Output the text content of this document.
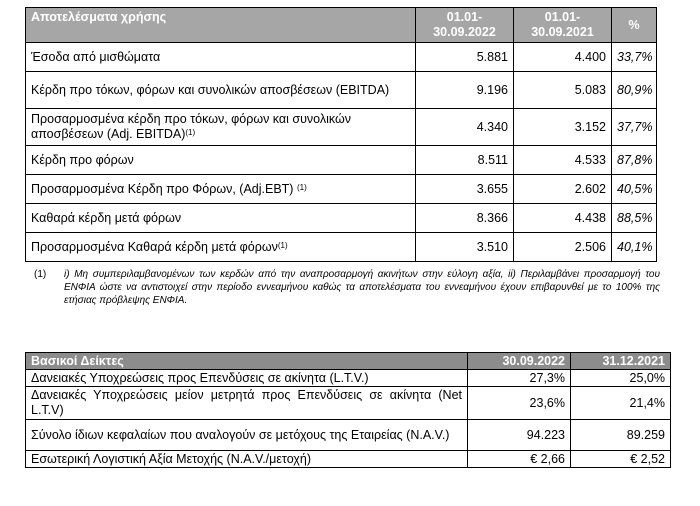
Αποτελέσματα χρήσης	01.01-30.09.2022	01.01-30.09.2021	%
Έσοδα από μισθώματα	5.881	4.400	33,7%
Κέρδη προ τόκων, φόρων και συνολικών αποσβέσεων (EBITDA)	9.196	5.083	80,9%
Προσαρμοσμένα κέρδη προ τόκων, φόρων και συνολικών αποσβέσεων (Adj. EBITDA)$^{(1)}$	4.340	3.152	37,7%
Κέρδη προ φόρων	8.511	4.533	87,8%
Προσαρμοσμένα Κέρδη προ Φόρων, (Adj.EBT) $^{(1)}$	3.655	2.602	40,5%
Καθαρά κέρδη μετά φόρων	8.366	4.438	88,5%
Προσαρμοσμένα Καθαρά κέρδη μετά φόρων$^{(1)}$	3.510	2.506	40,1%
(1) i) Μη συμπεριλαμβανομένων των κερδών από την αναπροσαρμογή ακινήτων στην εύλογη αξία, ii) Περιλαμβάνει προσαρμογή του ΕΝΦΙΑ ώστε να αντιστοιχεί στην περίοδο εννεαμήνου καθώς τα αποτελέσματα του εννεαμήνου έχουν επιβαρυνθεί με το 100% της ετήσιας πρόβλεψης ΕΝΦΙΑ.
Βασικοί Δείκτες	30.09.2022	31.12.2021
Δανειακές Υποχρεώσεις προς Επενδύσεις σε ακίνητα (L.T.V.)	27,3%	25,0%
Δανειακές Υποχρεώσεις μείον μετρητά προς Επενδύσεις σε ακίνητα (Net L.T.V)	23,6%	21,4%
Σύνολο ίδιων κεφαλαίων που αναλογούν σε μετόχους της Εταιρείας (N.A.V.)	94.223	89.259
Εσωτερική Λογιστική Αξία Μετοχής (N.A.V./μετοχή)	€ 2,66	€ 2,52
